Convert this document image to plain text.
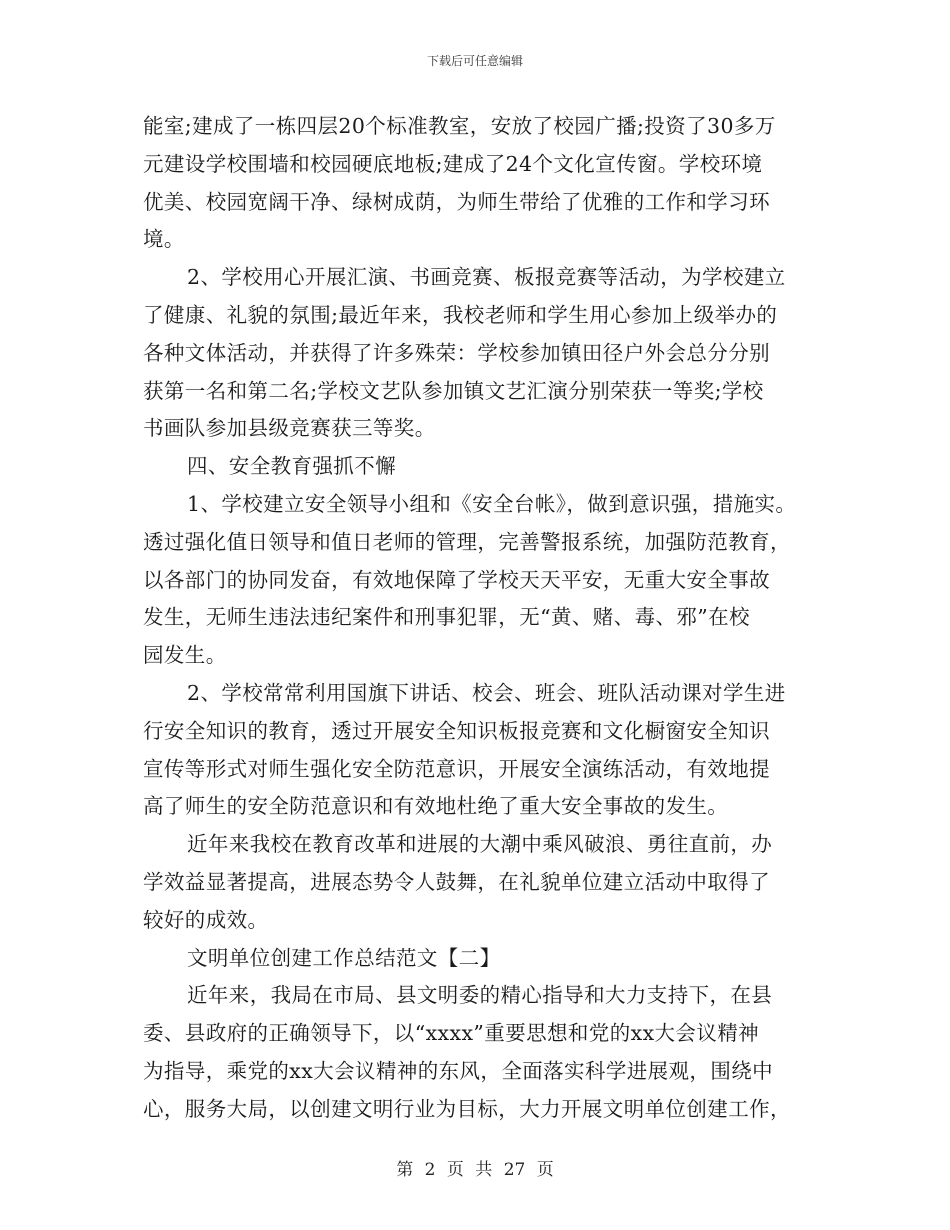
下载后可任意编辑
能室;建成了一栋四层20个标准教室，安放了校园广播;投资了30多万
元建设学校围墙和校园硬底地板;建成了24个文化宣传窗。学校环境
优美、校园宽阔干净、绿树成荫，为师生带给了优雅的工作和学习环
境。
2、学校用心开展汇演、书画竞赛、板报竞赛等活动，为学校建立
了健康、礼貌的氛围;最近年来，我校老师和学生用心参加上级举办的
各种文体活动，并获得了许多殊荣：学校参加镇田径户外会总分分别
获第一名和第二名;学校文艺队参加镇文艺汇演分别荣获一等奖;学校
书画队参加县级竞赛获三等奖。
四、安全教育强抓不懈
1、学校建立安全领导小组和《安全台帐》，做到意识强，措施实。
透过强化值日领导和值日老师的管理，完善警报系统，加强防范教育，
以各部门的协同发奋，有效地保障了学校天天平安，无重大安全事故
发生，无师生违法违纪案件和刑事犯罪，无“黄、赌、毒、邪”在校
园发生。
2、学校常常利用国旗下讲话、校会、班会、班队活动课对学生进
行安全知识的教育，透过开展安全知识板报竞赛和文化橱窗安全知识
宣传等形式对师生强化安全防范意识，开展安全演练活动，有效地提
高了师生的安全防范意识和有效地杜绝了重大安全事故的发生。
近年来我校在教育改革和进展的大潮中乘风破浪、勇往直前，办
学效益显著提高，进展态势令人鼓舞，在礼貌单位建立活动中取得了
较好的成效。
文明单位创建工作总结范文【二】
近年来，我局在市局、县文明委的精心指导和大力支持下，在县
委、县政府的正确领导下，以“xxxx”重要思想和党的xx大会议精神
为指导，乘党的xx大会议精神的东风，全面落实科学进展观，围绕中
心，服务大局，以创建文明行业为目标，大力开展文明单位创建工作，
第 2 页 共 27 页
